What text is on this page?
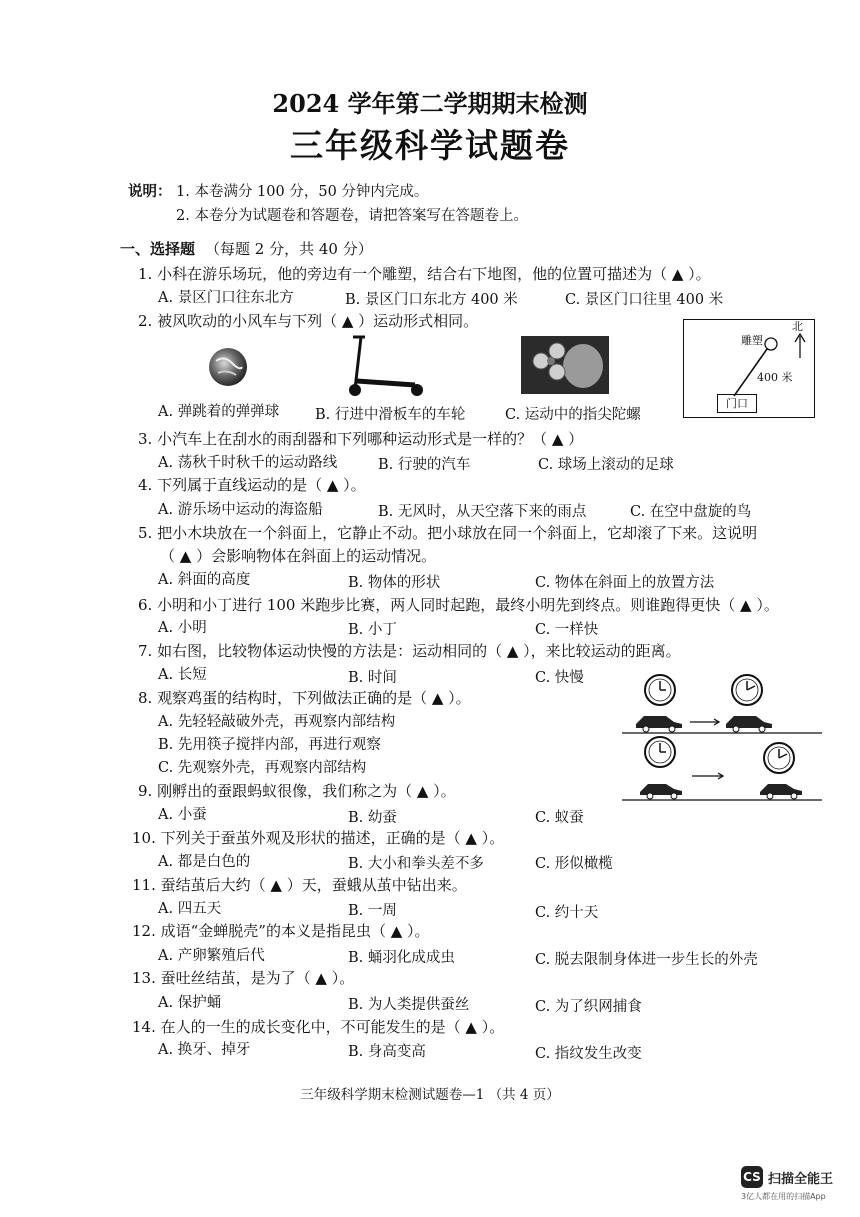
2024 学年第二学期期末检测
三年级科学试题卷
说明： 1. 本卷满分 100 分，50 分钟内完成。
2. 本卷分为试题卷和答题卷，请把答案写在答题卷上。
一、选择题 （每题 2 分，共 40 分）
1. 小科在游乐场玩，他的旁边有一个雕塑，结合右下地图，他的位置可描述为（ ▲ ）。
A. 景区门口往东北方	B. 景区门口东北方 400 米	C. 景区门口往里 400 米
2. 被风吹动的小风车与下列（ ▲ ）运动形式相同。
A. 弹跳着的弹弹球 B. 行进中滑板车的车轮	C. 运动中的指尖陀螺
北
雕塑
400 米
门口
3. 小汽车上在刮水的雨刮器和下列哪种运动形式是一样的？（ ▲ ）
A. 荡秋千时秋千的运动路线	B. 行驶的汽车	C. 球场上滚动的足球
4. 下列属于直线运动的是（ ▲ ）。
A. 游乐场中运动的海盗船	B. 无风时，从天空落下来的雨点	C. 在空中盘旋的鸟
5. 把小木块放在一个斜面上，它静止不动。把小球放在同一个斜面上，它却滚了下来。这说明
（ ▲ ）会影响物体在斜面上的运动情况。
A. 斜面的高度	B. 物体的形状	C. 物体在斜面上的放置方法
6. 小明和小丁进行 100 米跑步比赛，两人同时起跑，最终小明先到终点。则谁跑得更快（ ▲ ）。
A. 小明	B. 小丁	C. 一样快
7. 如右图，比较物体运动快慢的方法是：运动相同的（ ▲ ），来比较运动的距离。
A. 长短	B. 时间	C. 快慢
8. 观察鸡蛋的结构时，下列做法正确的是（ ▲ ）。
A. 先轻轻敲破外壳，再观察内部结构
B. 先用筷子搅拌内部，再进行观察
C. 先观察外壳，再观察内部结构
9. 刚孵出的蚕跟蚂蚁很像，我们称之为（ ▲ ）。
A. 小蚕	B. 幼蚕	C. 蚁蚕
10. 下列关于蚕茧外观及形状的描述，正确的是（ ▲ ）。
A. 都是白色的	B. 大小和拳头差不多	C. 形似橄榄
11. 蚕结茧后大约（ ▲ ）天，蚕蛾从茧中钻出来。
A. 四五天	B. 一周	C. 约十天
12. 成语“金蝉脱壳”的本义是指昆虫（ ▲ ）。
A. 产卵繁殖后代	B. 蛹羽化成成虫	C. 脱去限制身体进一步生长的外壳
13. 蚕吐丝结茧，是为了（ ▲ ）。
A. 保护蛹	B. 为人类提供蚕丝	C. 为了织网捕食
14. 在人的一生的成长变化中，不可能发生的是（ ▲ ）。
A. 换牙、掉牙	B. 身高变高	C. 指纹发生改变
三年级科学期末检测试题卷—1 （共 4 页）
CS 扫描全能王
3亿人都在用的扫描App
